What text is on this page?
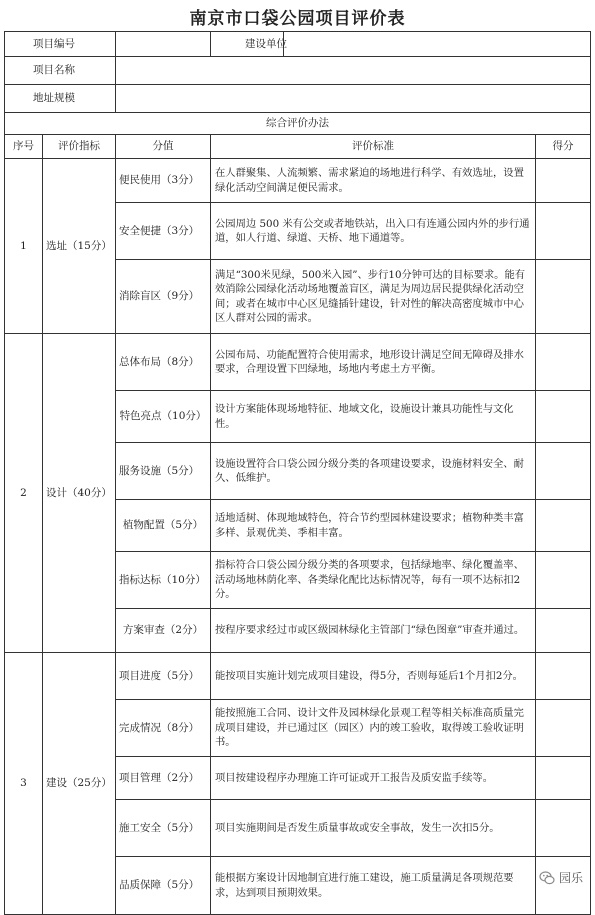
南京市口袋公园项目评价表
项目编号			建设单位	

项目名称				
地址规模				
综合评价办法				
序号	评价指标	分值	评价标准	得分
1	选址（15分）	便民使用（3分）	在人群聚集、人流频繁、需求紧迫的场地进行科学、有效选址，设置绿化活动空间满足便民需求。	
		安全便捷（3分）	公园周边 500 米有公交或者地铁站，出入口有连通公园内外的步行通道，如人行道、绿道、天桥、地下通道等。	
		消除盲区（9分）	满足“300米见绿，500米入园”、步行10分钟可达的目标要求。能有效消除公园绿化活动场地覆盖盲区，满足为周边居民提供绿化活动空间；或者在城市中心区见缝插针建设，针对性的解决高密度城市中心区人群对公园的需求。	
2	设计（40分）	总体布局（8分）	公园布局、功能配置符合使用需求，地形设计满足空间无障碍及排水要求，合理设置下凹绿地，场地内考虑土方平衡。	
		特色亮点（10分）	设计方案能体现场地特征、地域文化，设施设计兼具功能性与文化性。	
		服务设施（5分）	设施设置符合口袋公园分级分类的各项建设要求，设施材料安全、耐久、低维护。	
		植物配置（5分）	适地适树、体现地域特色，符合节约型园林建设要求；植物种类丰富多样、景观优美、季相丰富。	
		指标达标（10分）	指标符合口袋公园分级分类的各项要求，包括绿地率、绿化覆盖率、活动场地林荫化率、各类绿化配比达标情况等，每有一项不达标扣2分。	
		方案审查（2分）	按程序要求经过市或区级园林绿化主管部门“绿色图章”审查并通过。	
3	建设（25分）	项目进度（5分）	能按项目实施计划完成项目建设，得5分，否则每延后1个月扣2分。	
		完成情况（8分）	能按照施工合同、设计文件及园林绿化景观工程等相关标准高质量完成项目建设，并已通过区（园区）内的竣工验收，取得竣工验收证明书。	
		项目管理（2分）	项目按建设程序办理施工许可证或开工报告及质安监手续等。	
		施工安全（5分）	项目实施期间是否发生质量事故或安全事故，发生一次扣5分。	
		品质保障（5分）	能根据方案设计因地制宜进行施工建设，施工质量满足各项规范要求，达到项目预期效果。	
园乐
